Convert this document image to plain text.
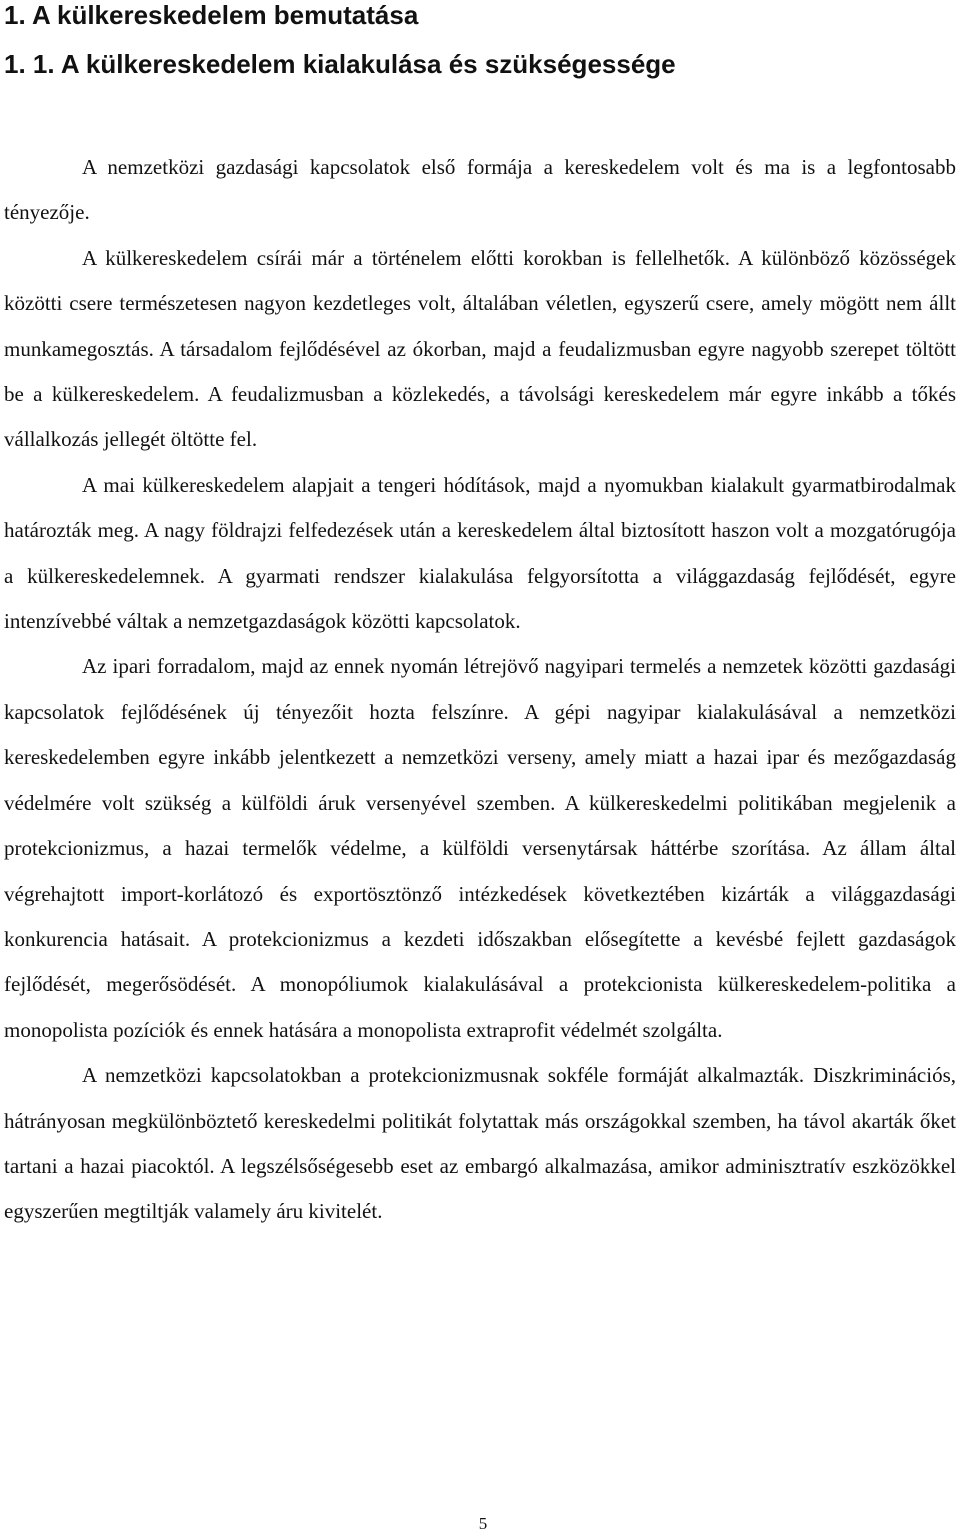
1. A külkereskedelem bemutatása
1. 1. A külkereskedelem kialakulása és szükségessége

A nemzetközi gazdasági kapcsolatok első formája a kereskedelem volt és ma is a legfontosabb tényezője.

A külkereskedelem csírái már a történelem előtti korokban is fellelhetők. A különböző közösségek közötti csere természetesen nagyon kezdetleges volt, általában véletlen, egyszerű csere, amely mögött nem állt munkamegosztás. A társadalom fejlődésével az ókorban, majd a feudalizmusban egyre nagyobb szerepet töltött be a külkereskedelem. A feudalizmusban a közlekedés, a távolsági kereskedelem már egyre inkább a tőkés vállalkozás jellegét öltötte fel.

A mai külkereskedelem alapjait a tengeri hódítások, majd a nyomukban kialakult gyarmatbirodalmak határozták meg. A nagy földrajzi felfedezések után a kereskedelem által biztosított haszon volt a mozgatórugója a külkereskedelemnek. A gyarmati rendszer kialakulása felgyorsította a világgazdaság fejlődését, egyre intenzívebbé váltak a nemzetgazdaságok közötti kapcsolatok.

Az ipari forradalom, majd az ennek nyomán létrejövő nagyipari termelés a nemzetek közötti gazdasági kapcsolatok fejlődésének új tényezőit hozta felszínre. A gépi nagyipar kialakulásával a nemzetközi kereskedelemben egyre inkább jelentkezett a nemzetközi verseny, amely miatt a hazai ipar és mezőgazdaság védelmére volt szükség a külföldi áruk versenyével szemben. A külkereskedelmi politikában megjelenik a protekcionizmus, a hazai termelők védelme, a külföldi versenytársak háttérbe szorítása. Az állam által végrehajtott import-korlátozó és exportösztönző intézkedések következtében kizárták a világgazdasági konkurencia hatásait. A protekcionizmus a kezdeti időszakban elősegítette a kevésbé fejlett gazdaságok fejlődését, megerősödését. A monopóliumok kialakulásával a protekcionista külkereskedelem-politika a monopolista pozíciók és ennek hatására a monopolista extraprofit védelmét szolgálta.

A nemzetközi kapcsolatokban a protekcionizmusnak sokféle formáját alkalmazták. Diszkriminációs, hátrányosan megkülönböztető kereskedelmi politikát folytattak más országokkal szemben, ha távol akarták őket tartani a hazai piacoktól. A legszélsőségesebb eset az embargó alkalmazása, amikor adminisztratív eszközökkel egyszerűen megtiltják valamely áru kivitelét.

5
